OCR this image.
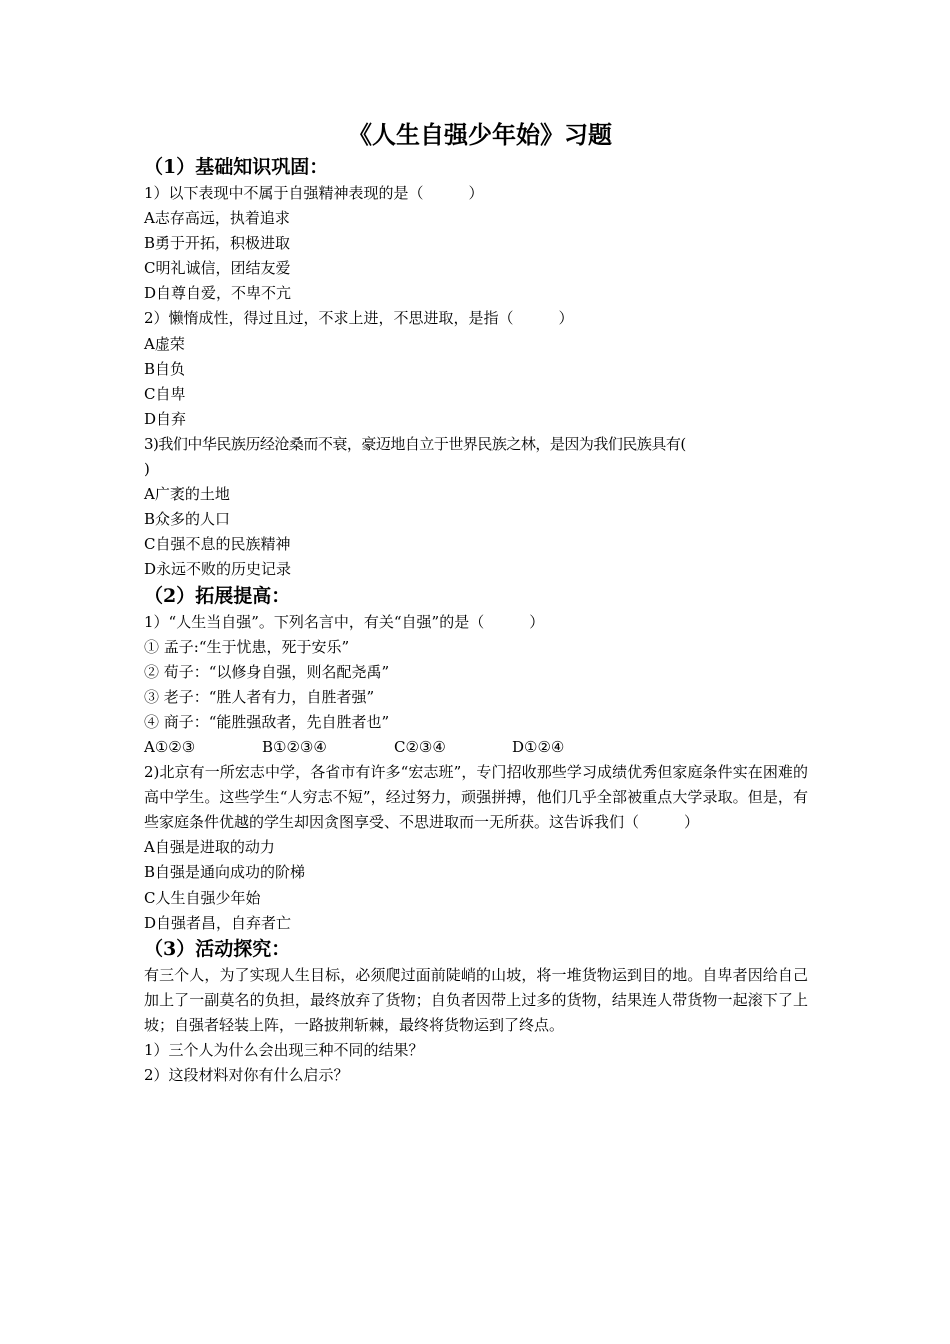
《人生自强少年始》习题

（1）基础知识巩固：

1）以下表现中不属于自强精神表现的是（　　　）

A志存高远，执着追求

B勇于开拓，积极进取

C明礼诚信，团结友爱

D自尊自爱，不卑不亢

2）懒惰成性，得过且过，不求上进，不思进取，是指（　　　）

A虚荣

B自负

C自卑

D自弃

3)我们中华民族历经沧桑而不衰，豪迈地自立于世界民族之林，是因为我们民族具有(

)

A广袤的土地

B众多的人口

C自强不息的民族精神

D永远不败的历史记录

（2）拓展提高：

1）“人生当自强”。下列名言中，有关“自强”的是（　　　）

① 孟子:“生于忧患，死于安乐”

② 荀子：“以修身自强，则名配尧禹”

③ 老子：“胜人者有力，自胜者强”

④ 商子：“能胜强敌者，先自胜者也”

A①②③	B①②③④	C②③④	D①②④

2)北京有一所宏志中学，各省市有许多“宏志班”，专门招收那些学习成绩优秀但家庭条件实在困难的高中学生。这些学生“人穷志不短”，经过努力，顽强拼搏，他们几乎全部被重点大学录取。但是，有些家庭条件优越的学生却因贪图享受、不思进取而一无所获。这告诉我们（　　　）

A自强是进取的动力

B自强是通向成功的阶梯

C人生自强少年始

D自强者昌，自弃者亡

（3）活动探究：

有三个人，为了实现人生目标，必须爬过面前陡峭的山坡，将一堆货物运到目的地。自卑者因给自己加上了一副莫名的负担，最终放弃了货物；自负者因带上过多的货物，结果连人带货物一起滚下了上坡；自强者轻装上阵，一路披荆斩棘，最终将货物运到了终点。

1）三个人为什么会出现三种不同的结果？

2）这段材料对你有什么启示？
